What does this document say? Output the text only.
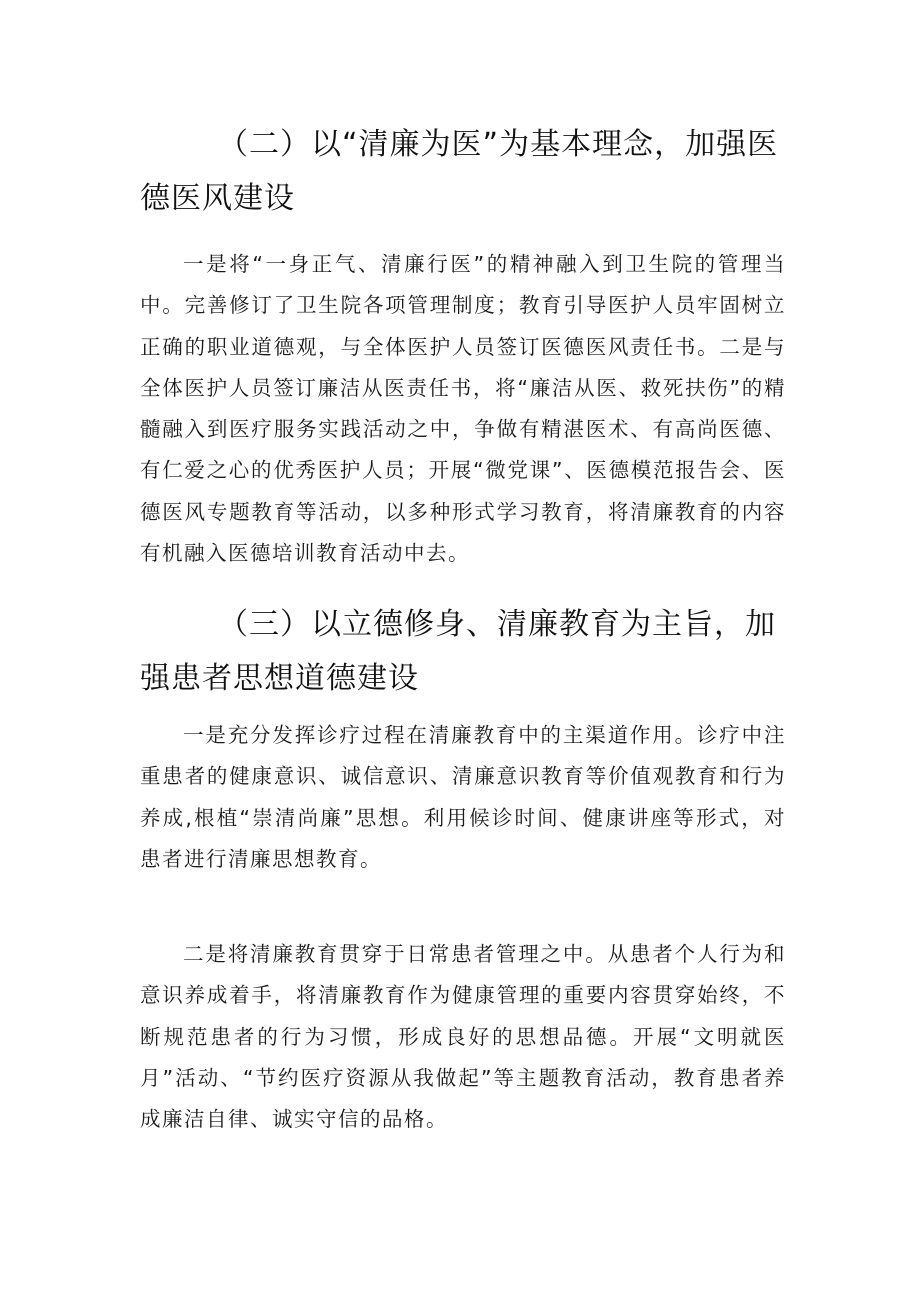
（二）以“清廉为医”为基本理念，加强医德医风建设

一是将“一身正气、清廉行医”的精神融入到卫生院的管理当中。完善修订了卫生院各项管理制度；教育引导医护人员牢固树立正确的职业道德观，与全体医护人员签订医德医风责任书。二是与全体医护人员签订廉洁从医责任书，将“廉洁从医、救死扶伤”的精髓融入到医疗服务实践活动之中，争做有精湛医术、有高尚医德、有仁爱之心的优秀医护人员；开展“微党课”、医德模范报告会、医德医风专题教育等活动，以多种形式学习教育，将清廉教育的内容有机融入医德培训教育活动中去。

（三）以立德修身、清廉教育为主旨，加强患者思想道德建设

一是充分发挥诊疗过程在清廉教育中的主渠道作用。诊疗中注重患者的健康意识、诚信意识、清廉意识教育等价值观教育和行为养成,根植“崇清尚廉”思想。利用候诊时间、健康讲座等形式，对患者进行清廉思想教育。

二是将清廉教育贯穿于日常患者管理之中。从患者个人行为和意识养成着手，将清廉教育作为健康管理的重要内容贯穿始终，不断规范患者的行为习惯，形成良好的思想品德。开展“文明就医月”活动、“节约医疗资源从我做起”等主题教育活动，教育患者养成廉洁自律、诚实守信的品格。
